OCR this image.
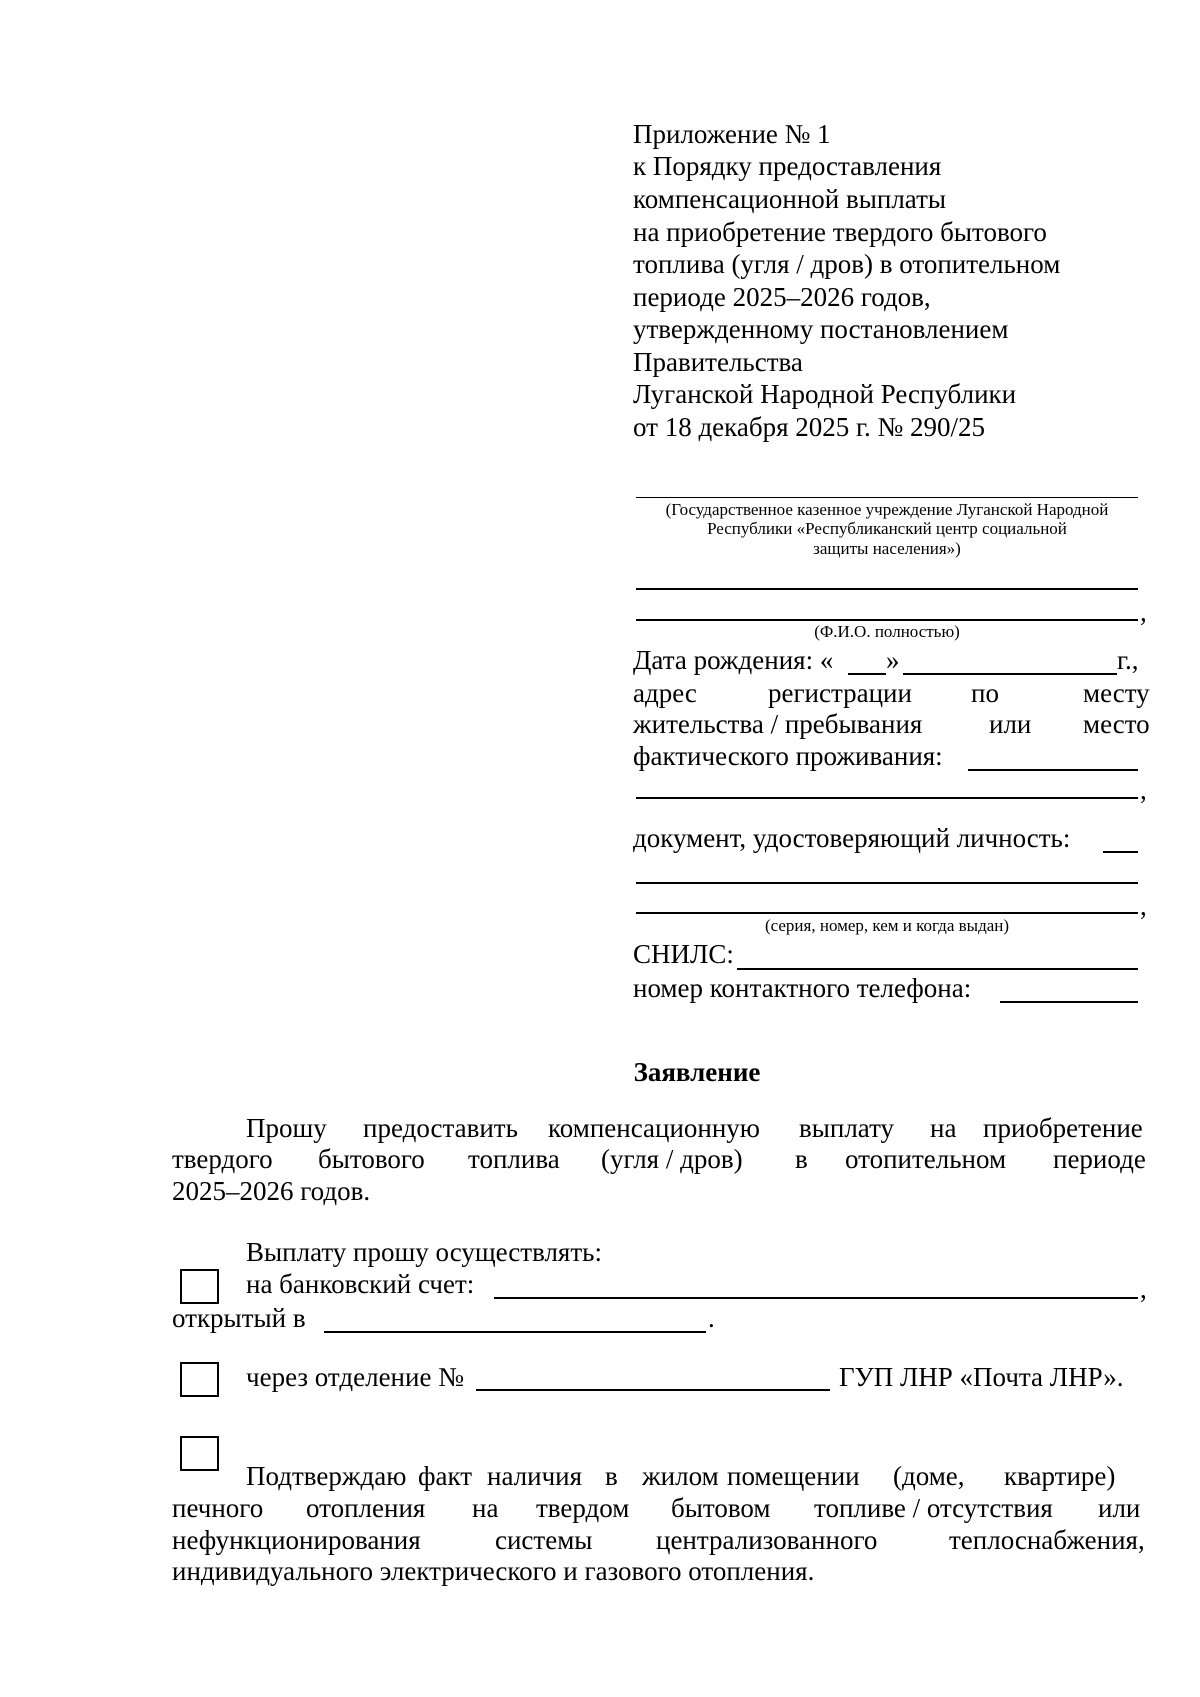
Приложение № 1
к Порядку предоставления
компенсационной выплаты
на приобретение твердого бытового
топлива (угля / дров) в отопительном
периоде 2025–2026 годов,
утвержденному постановлением
Правительства
Луганской Народной Республики
от 18 декабря 2025 г. № 290/25
(Государственное казенное учреждение Луганской Народной
Республики «Республиканский центр социальной
защиты населения»)
,
(Ф.И.О. полностью)
Дата рождения: « »	г.,
адрес	регистрации по	месту
жительства / пребывания или место
фактического проживания:
,
документ, удостоверяющий личность:
,
(серия, номер, кем и когда выдан)
СНИЛС:
номер контактного телефона:
Заявление
Прошу предоставить компенсационную выплату на приобретение
твердого бытового топлива (угля / дров) в отопительном периоде
2025–2026 годов.
Выплату прошу осуществлять:
на банковский счет:	,
открытый в	.
через отделение №	ГУП ЛНР «Почта ЛНР».
Подтверждаю факт наличия в жилом помещении (доме, квартире)
печного отопления на твердом бытовом топливе / отсутствия или
нефункционирования	системы централизованного	теплоснабжения,
индивидуального электрического и газового отопления.
